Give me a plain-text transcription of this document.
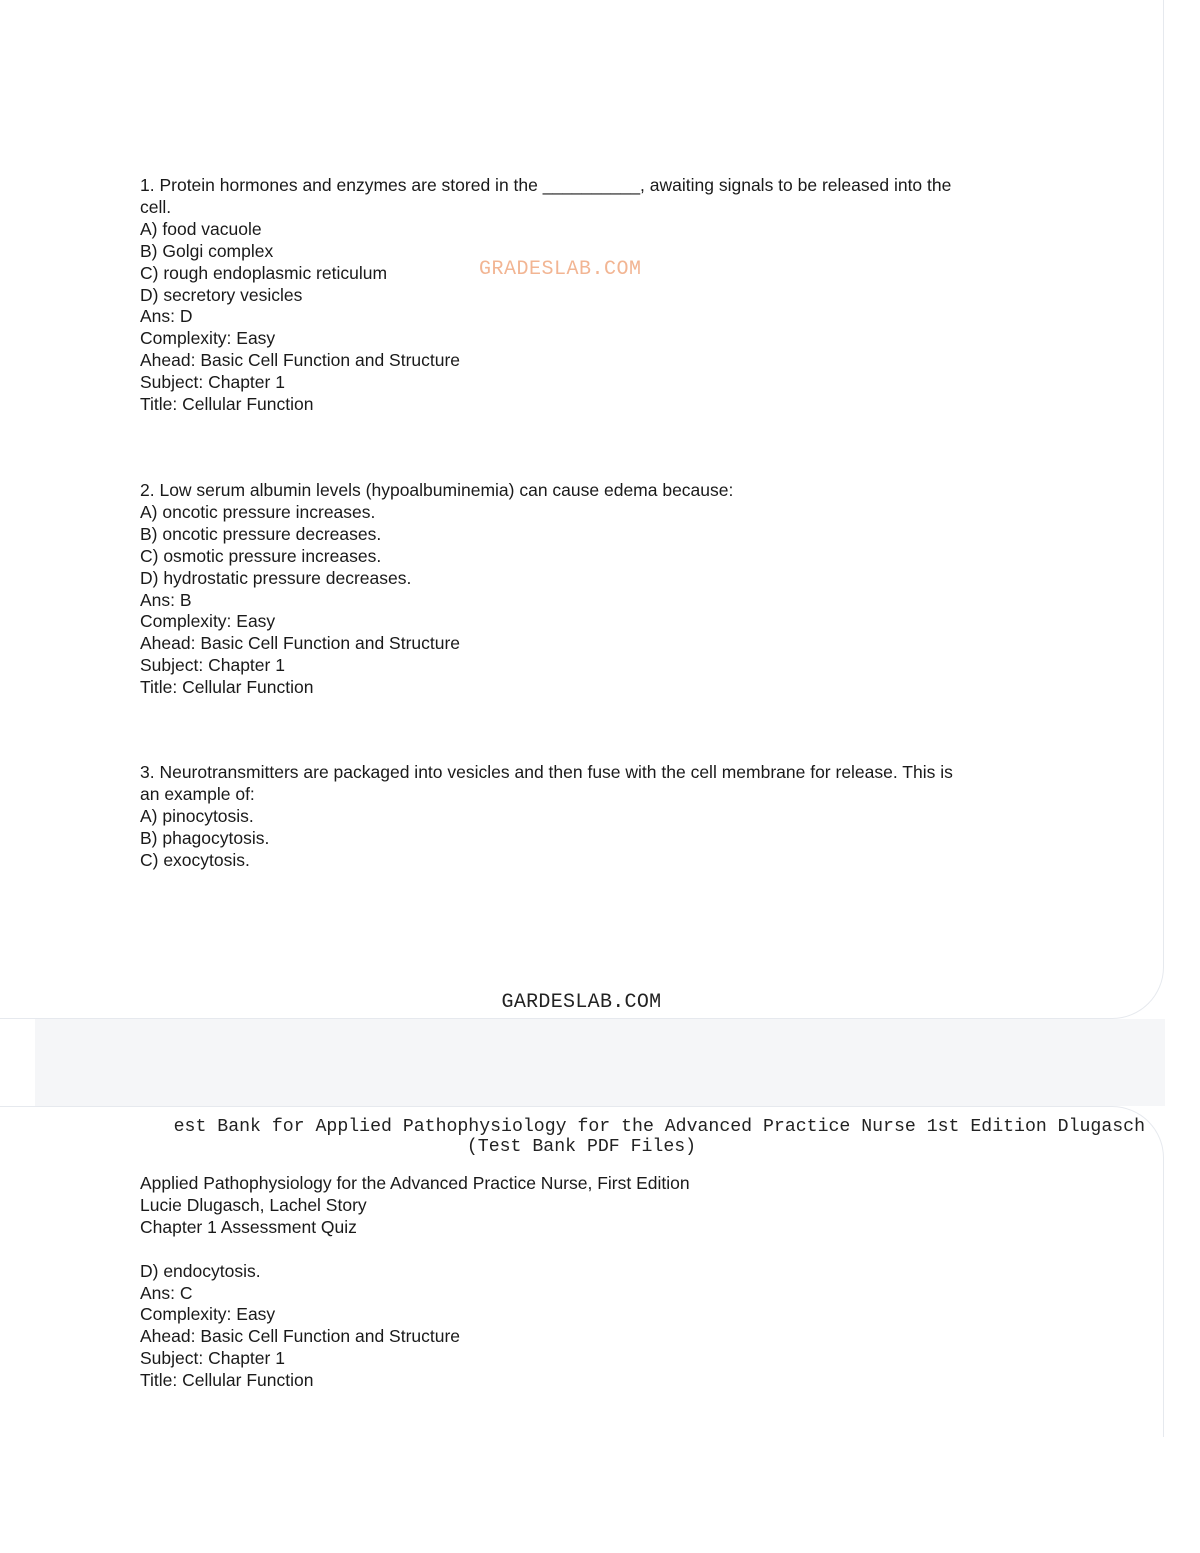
GRADESLAB.COM
1. Protein hormones and enzymes are stored in the __________, awaiting signals to be released into the
cell.
A) food vacuole
B) Golgi complex
C) rough endoplasmic reticulum
D) secretory vesicles
Ans: D
Complexity: Easy
Ahead: Basic Cell Function and Structure
Subject: Chapter 1
Title: Cellular Function
2. Low serum albumin levels (hypoalbuminemia) can cause edema because:
A) oncotic pressure increases.
B) oncotic pressure decreases.
C) osmotic pressure increases.
D) hydrostatic pressure decreases.
Ans: B
Complexity: Easy
Ahead: Basic Cell Function and Structure
Subject: Chapter 1
Title: Cellular Function
3. Neurotransmitters are packaged into vesicles and then fuse with the cell membrane for release. This is
an example of:
A) pinocytosis.
B) phagocytosis.
C) exocytosis.
GARDESLAB.COM
est Bank for Applied Pathophysiology for the Advanced Practice Nurse 1st Edition Dlugasch
(Test Bank PDF Files)
Applied Pathophysiology for the Advanced Practice Nurse, First Edition
Lucie Dlugasch, Lachel Story
Chapter 1 Assessment Quiz
D) endocytosis.
Ans: C
Complexity: Easy
Ahead: Basic Cell Function and Structure
Subject: Chapter 1
Title: Cellular Function
